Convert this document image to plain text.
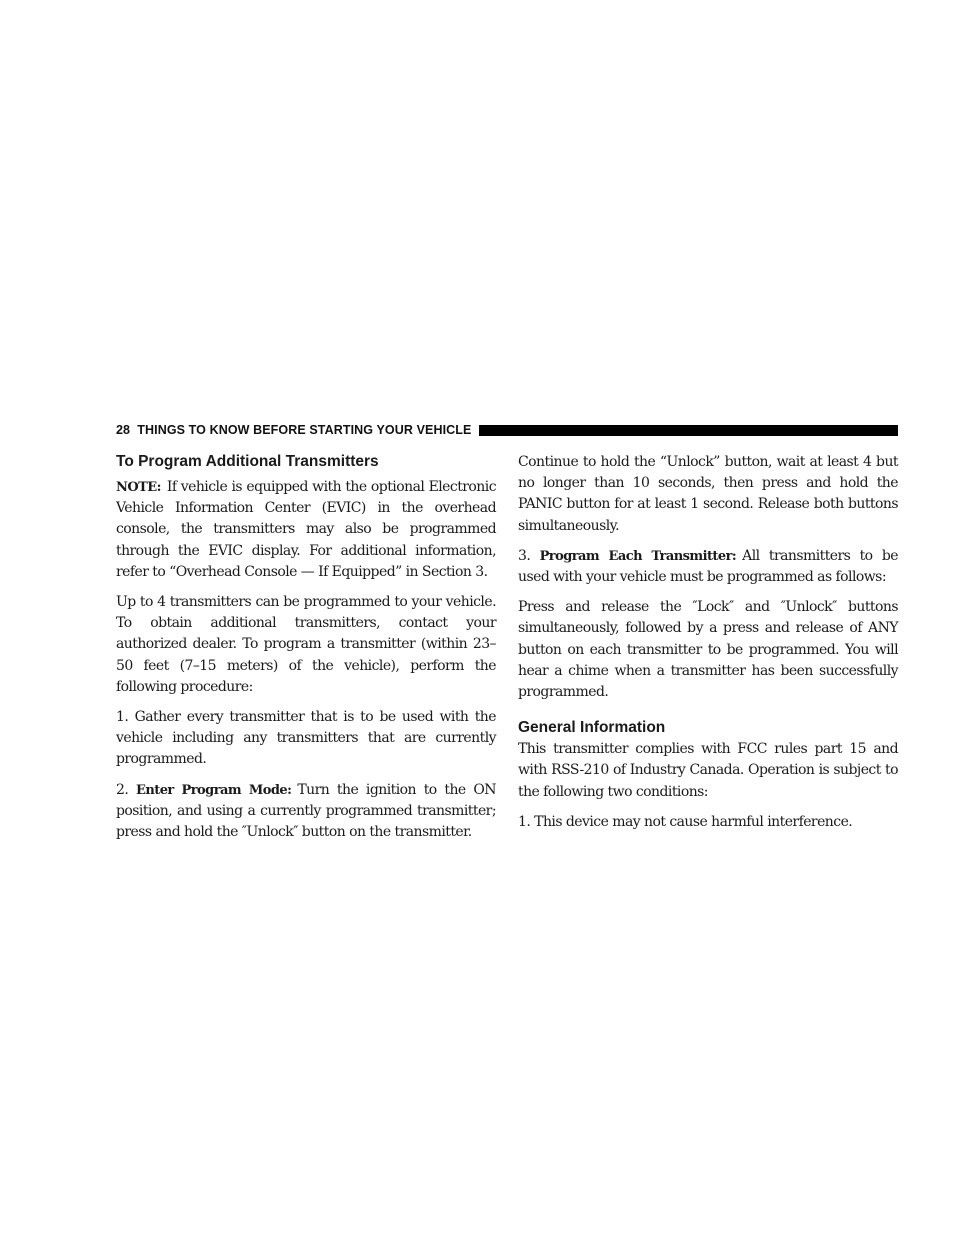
28 THINGS TO KNOW BEFORE STARTING YOUR VEHICLE
To Program Additional Transmitters

NOTE: If vehicle is equipped with the optional Electronic Vehicle Information Center (EVIC) in the overhead console, the transmitters may also be programmed through the EVIC display. For additional information, refer to “Overhead Console — If Equipped” in Section 3.

Up to 4 transmitters can be programmed to your vehicle. To obtain additional transmitters, contact your authorized dealer. To program a transmitter (within 23–50 feet (7–15 meters) of the vehicle), perform the following procedure:

1. Gather every transmitter that is to be used with the vehicle including any transmitters that are currently programmed.

2. Enter Program Mode: Turn the ignition to the ON position, and using a currently programmed transmitter; press and hold the ″Unlock″ button on the transmitter.

Continue to hold the “Unlock” button, wait at least 4 but no longer than 10 seconds, then press and hold the PANIC button for at least 1 second. Release both buttons simultaneously.

3. Program Each Transmitter: All transmitters to be used with your vehicle must be programmed as follows:

Press and release the ″Lock″ and ″Unlock″ buttons simultaneously, followed by a press and release of ANY button on each transmitter to be programmed. You will hear a chime when a transmitter has been successfully programmed.

General Information

This transmitter complies with FCC rules part 15 and with RSS-210 of Industry Canada. Operation is subject to the following two conditions:

1. This device may not cause harmful interference.
